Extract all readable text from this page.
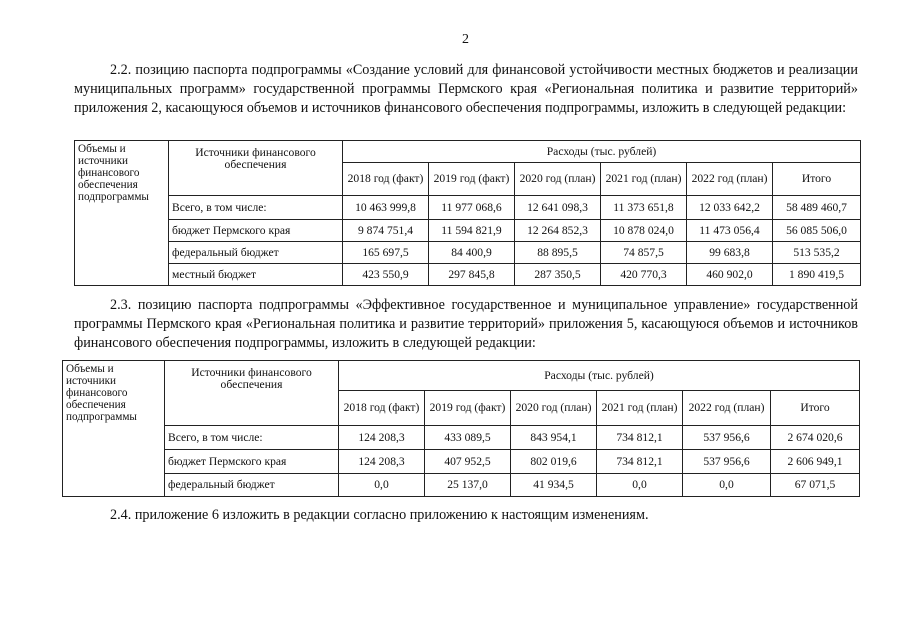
2
2.2. позицию паспорта подпрограммы «Создание условий для финансовой устойчивости местных бюджетов и реализации муниципальных программ» государственной программы Пермского края «Региональная политика и развитие территорий» приложения 2, касающуюся объемов и источников финансового обеспечения подпрограммы, изложить в следующей редакции:
Объемы и источники финансового обеспечения подпрограммы	Источники финансового обеспечения	Расходы (тыс. рублей)					
		2018 год (факт)	2019 год (факт)	2020 год (план)	2021 год (план)	2022 год (план)	Итого
	Всего, в том числе:	10 463 999,8	11 977 068,6	12 641 098,3	11 373 651,8	12 033 642,2	58 489 460,7
	бюджет Пермского края	9 874 751,4	11 594 821,9	12 264 852,3	10 878 024,0	11 473 056,4	56 085 506,0
	федеральный бюджет	165 697,5	84 400,9	88 895,5	74 857,5	99 683,8	513 535,2
	местный бюджет	423 550,9	297 845,8	287 350,5	420 770,3	460 902,0	1 890 419,5
2.3. позицию паспорта подпрограммы «Эффективное государственное и муниципальное управление» государственной программы Пермского края «Региональная политика и развитие территорий» приложения 5, касающуюся объемов и источников финансового обеспечения подпрограммы, изложить в следующей редакции:
Объемы и источники финансового обеспечения подпрограммы	Источники финансового обеспечения	Расходы (тыс. рублей)					
		2018 год (факт)	2019 год (факт)	2020 год (план)	2021 год (план)	2022 год (план)	Итого
	Всего, в том числе:	124 208,3	433 089,5	843 954,1	734 812,1	537 956,6	2 674 020,6
	бюджет Пермского края	124 208,3	407 952,5	802 019,6	734 812,1	537 956,6	2 606 949,1
	федеральный бюджет	0,0	25 137,0	41 934,5	0,0	0,0	67 071,5
2.4. приложение 6 изложить в редакции согласно приложению к настоящим изменениям.
